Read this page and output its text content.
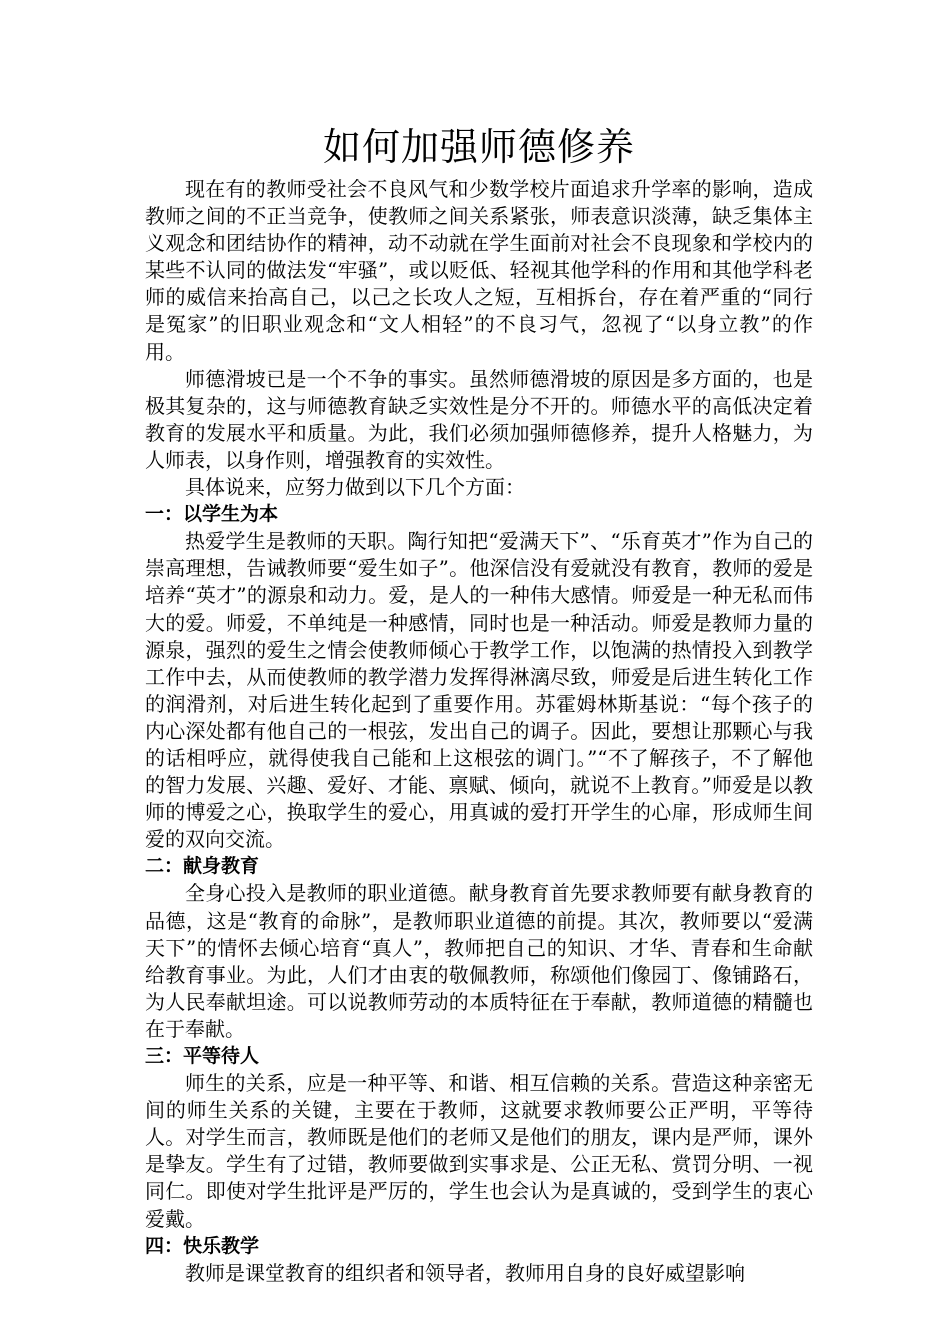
如何加强师德修养

现在有的教师受社会不良风气和少数学校片面追求升学率的影响，造成教师之间的不正当竞争，使教师之间关系紧张，师表意识淡薄，缺乏集体主义观念和团结协作的精神，动不动就在学生面前对社会不良现象和学校内的某些不认同的做法发“牢骚”，或以贬低、轻视其他学科的作用和其他学科老师的威信来抬高自己，以己之长攻人之短，互相拆台，存在着严重的“同行是冤家”的旧职业观念和“文人相轻”的不良习气，忽视了“以身立教”的作用。

师德滑坡已是一个不争的事实。虽然师德滑坡的原因是多方面的，也是极其复杂的，这与师德教育缺乏实效性是分不开的。师德水平的高低决定着教育的发展水平和质量。为此，我们必须加强师德修养，提升人格魅力，为人师表，以身作则，增强教育的实效性。

具体说来，应努力做到以下几个方面：

一：以学生为本

热爱学生是教师的天职。陶行知把“爱满天下”、“乐育英才”作为自己的崇高理想，告诫教师要“爱生如子”。他深信没有爱就没有教育，教师的爱是培养“英才”的源泉和动力。爱，是人的一种伟大感情。师爱是一种无私而伟大的爱。师爱，不单纯是一种感情，同时也是一种活动。师爱是教师力量的源泉，强烈的爱生之情会使教师倾心于教学工作，以饱满的热情投入到教学工作中去，从而使教师的教学潜力发挥得淋漓尽致，师爱是后进生转化工作的润滑剂，对后进生转化起到了重要作用。苏霍姆林斯基说：“每个孩子的内心深处都有他自己的一根弦，发出自己的调子。因此，要想让那颗心与我的话相呼应，就得使我自己能和上这根弦的调门。”“不了解孩子，不了解他的智力发展、兴趣、爱好、才能、禀赋、倾向，就说不上教育。”师爱是以教师的博爱之心，换取学生的爱心，用真诚的爱打开学生的心扉，形成师生间爱的双向交流。

二：献身教育

全身心投入是教师的职业道德。献身教育首先要求教师要有献身教育的品德，这是“教育的命脉”，是教师职业道德的前提。其次，教师要以“爱满天下”的情怀去倾心培育“真人”，教师把自己的知识、才华、青春和生命献给教育事业。为此，人们才由衷的敬佩教师，称颂他们像园丁、像铺路石，为人民奉献坦途。可以说教师劳动的本质特征在于奉献，教师道德的精髓也在于奉献。

三：平等待人

师生的关系，应是一种平等、和谐、相互信赖的关系。营造这种亲密无间的师生关系的关键，主要在于教师，这就要求教师要公正严明，平等待人。对学生而言，教师既是他们的老师又是他们的朋友，课内是严师，课外是挚友。学生有了过错，教师要做到实事求是、公正无私、赏罚分明、一视同仁。即使对学生批评是严厉的，学生也会认为是真诚的，受到学生的衷心爱戴。

四：快乐教学

教师是课堂教育的组织者和领导者，教师用自身的良好威望影响
